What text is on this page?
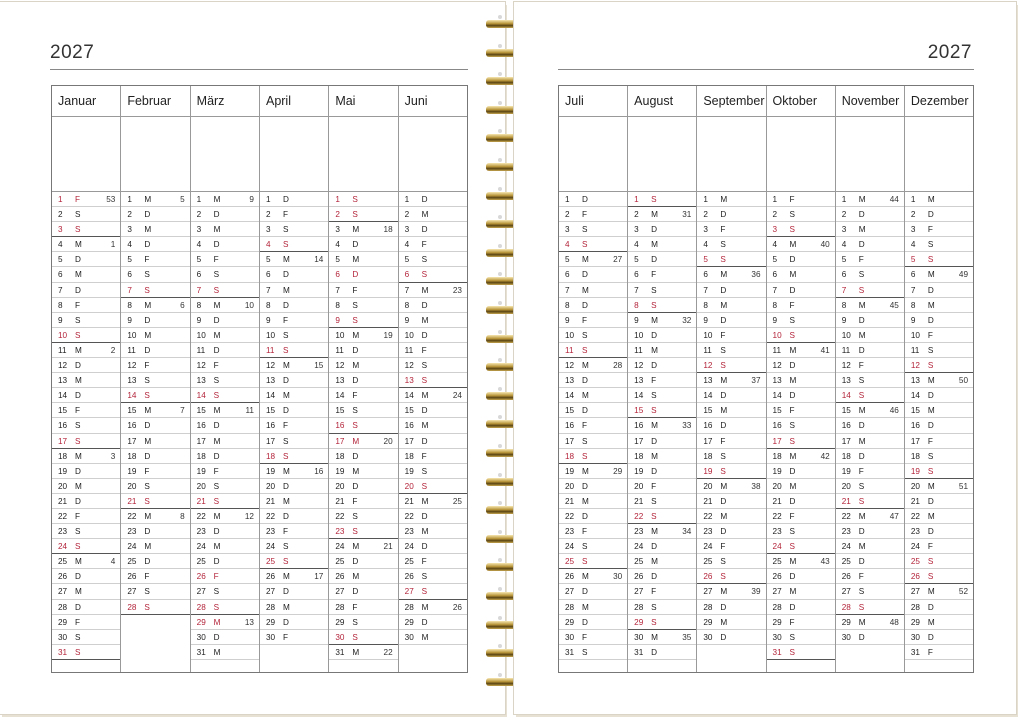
2027
Januar
1	F	53
2	S
3	S
4	M	1
5	D
6	M
7	D
8	F
9	S
10 S
11	M	2
12 D
13 M
14 D
15 F
16 S
17 S
18 M	3
19 D
20 M
21 D
22 F
23 S
24 S
25 M	4
26 D
27 M
28 D
29 F
30 S
31 S
Februar
1	M	5
2	D
3	M
4	D
5	F
6	S
7	S
8	M	6
9	D
10 M
11	D
12 F
13 S
14 S
15 M	7
16 D
17 M
18 D
19 F
20 S
21 S
22 M	8
23 D
24 M
25 D
26 F
27 S
28 S
März
1	M	9
2	D
3	M
4	D
5	F
6	S
7	S
8	M	10
9	D
10 M
11	D
12 F
13 S
14 S
15 M	11
16 D
17 M
18 D
19 F
20 S
21 S
22 M	12
23 D
24 M
25 D
26 F
27 S
28 S
29 M	13
30 D
31 M
April
1	D
2	F
3	S
4	S
5	M	14
6	D
7	M
8	D
9	F
10 S
11	S
12 M	15
13 D
14 M
15 D
16 F
17 S
18 S
19 M	16
20 D
21 M
22 D
23 F
24 S
25 S
26 M	17
27 D
28 M
29 D
30 F
Mai
1	S
2	S
3	M	18
4	D
5	M
6	D
7	F
8	S
9	S
10 M	19
11	D
12 M
13 D
14 F
15 S
16 S
17 M	20
18 D
19 M
20 D
21 F
22 S
23 S
24 M	21
25 D
26 M
27 D
28 F
29 S
30 S
31 M	22
Juni
1	D
2	M
3	D
4	F
5	S
6	S
7	M	23
8	D
9	M
10 D
11	F
12 S
13 S
14 M	24
15 D
16 M
17 D
18 F
19 S
20 S
21 M	25
22 D
23 M
24 D
25 F
26 S
27 S
28 M	26
29 D
30 M
2027
Juli
1	D
2	F
3	S
4	S
5	M	27
6	D
7	M
8	D
9	F
10 S
11	S
12 M	28
13 D
14 M
15 D
16 F
17 S
18 S
19 M	29
20 D
21 M
22 D
23 F
24 S
25 S
26 M	30
27 D
28 M
29 D
30 F
31 S
August
1	S
2	M	31
3	D
4	M
5	D
6	F
7	S
8	S
9	M	32
10 D
11	M
12 D
13 F
14 S
15 S
16 M	33
17 D
18 M
19 D
20 F
21 S
22 S
23 M	34
24 D
25 M
26 D
27 F
28 S
29 S
30 M	35
31 D
September
1	M
2	D
3	F
4	S
5	S
6	M	36
7	D
8	M
9	D
10 F
11	S
12 S
13 M	37
14 D
15 M
16 D
17 F
18 S
19 S
20 M	38
21 D
22 M
23 D
24 F
25 S
26 S
27 M	39
28 D
29 M
30 D
Oktober
1	F
2	S
3	S
4	M	40
5	D
6	M
7	D
8	F
9	S
10 S
11	M	41
12 D
13 M
14 D
15 F
16 S
17 S
18 M	42
19 D
20 M
21 D
22 F
23 S
24 S
25 M	43
26 D
27 M
28 D
29 F
30 S
31 S
November
1	M	44
2	D
3	M
4	D
5	F
6	S
7	S
8	M	45
9	D
10 M
11	D
12 F
13 S
14 S
15 M	46
16 D
17 M
18 D
19 F
20 S
21 S
22 M	47
23 D
24 M
25 D
26 F
27 S
28 S
29 M	48
30 D
Dezember
1	M
2	D
3	F
4	S
5	S
6	M	49
7	D
8	M
9	D
10 F
11	S
12 S
13 M	50
14 D
15 M
16 D
17 F
18 S
19 S
20 M	51
21 D
22 M
23 D
24 F
25 S
26 S
27 M	52
28 D
29 M
30 D
31 F
